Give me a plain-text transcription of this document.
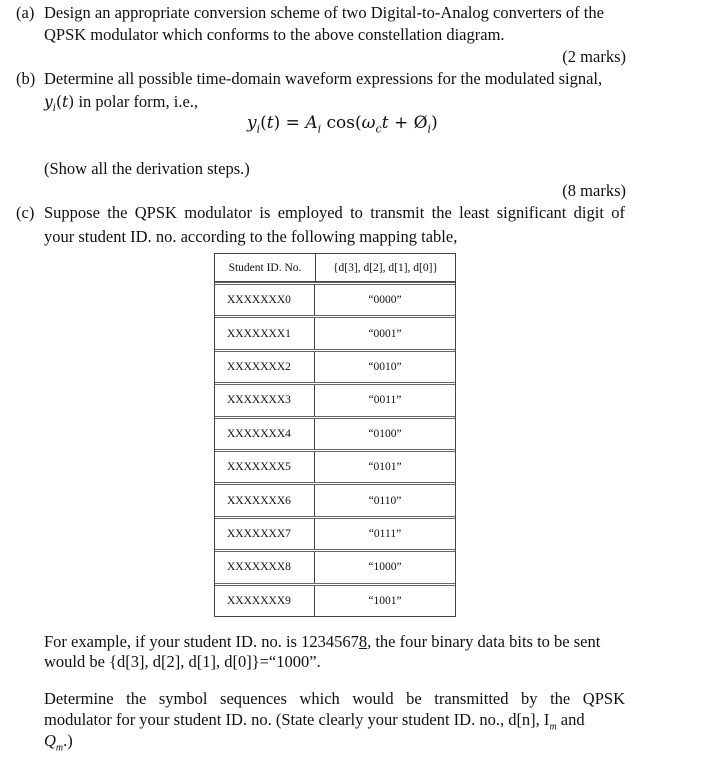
(a) Design an appropriate conversion scheme of two Digital-to-Analog converters of the
QPSK modulator which conforms to the above constellation diagram.
(2 marks)
(b) Determine all possible time-domain waveform expressions for the modulated signal,
$y_i(t)$ in polar form, i.e.,
$y_i(t) = A_i$ $\cos(\omega_ct$ + $Ø_i$)
(Show all the derivation steps.)
(8 marks)
(c) Suppose the QPSK modulator is employed to transmit the least significant digit of
your student ID. no. according to the following mapping table,
Student ID. No.	{d[3], d[2], d[1], d[0]}
XXXXXXX0	“0000”
XXXXXXX1	“0001”
XXXXXXX2	“0010”
XXXXXXX3	“0011”
XXXXXXX4	“0100”
XXXXXXX5	“0101”
XXXXXXX6	“0110”
XXXXXXX7	“0111”
XXXXXXX8	“1000”
XXXXXXX9	“1001”
For example, if your student ID. no. is 12345678, the four binary data bits to be sent
would be {d[3], d[2], d[1], d[0]}=“1000”.
Determine the symbol sequences which would be transmitted by the QPSK
modulator for your student ID. no. (State clearly your student ID. no., d[n], $I_m$ and
$Q_m$.)
